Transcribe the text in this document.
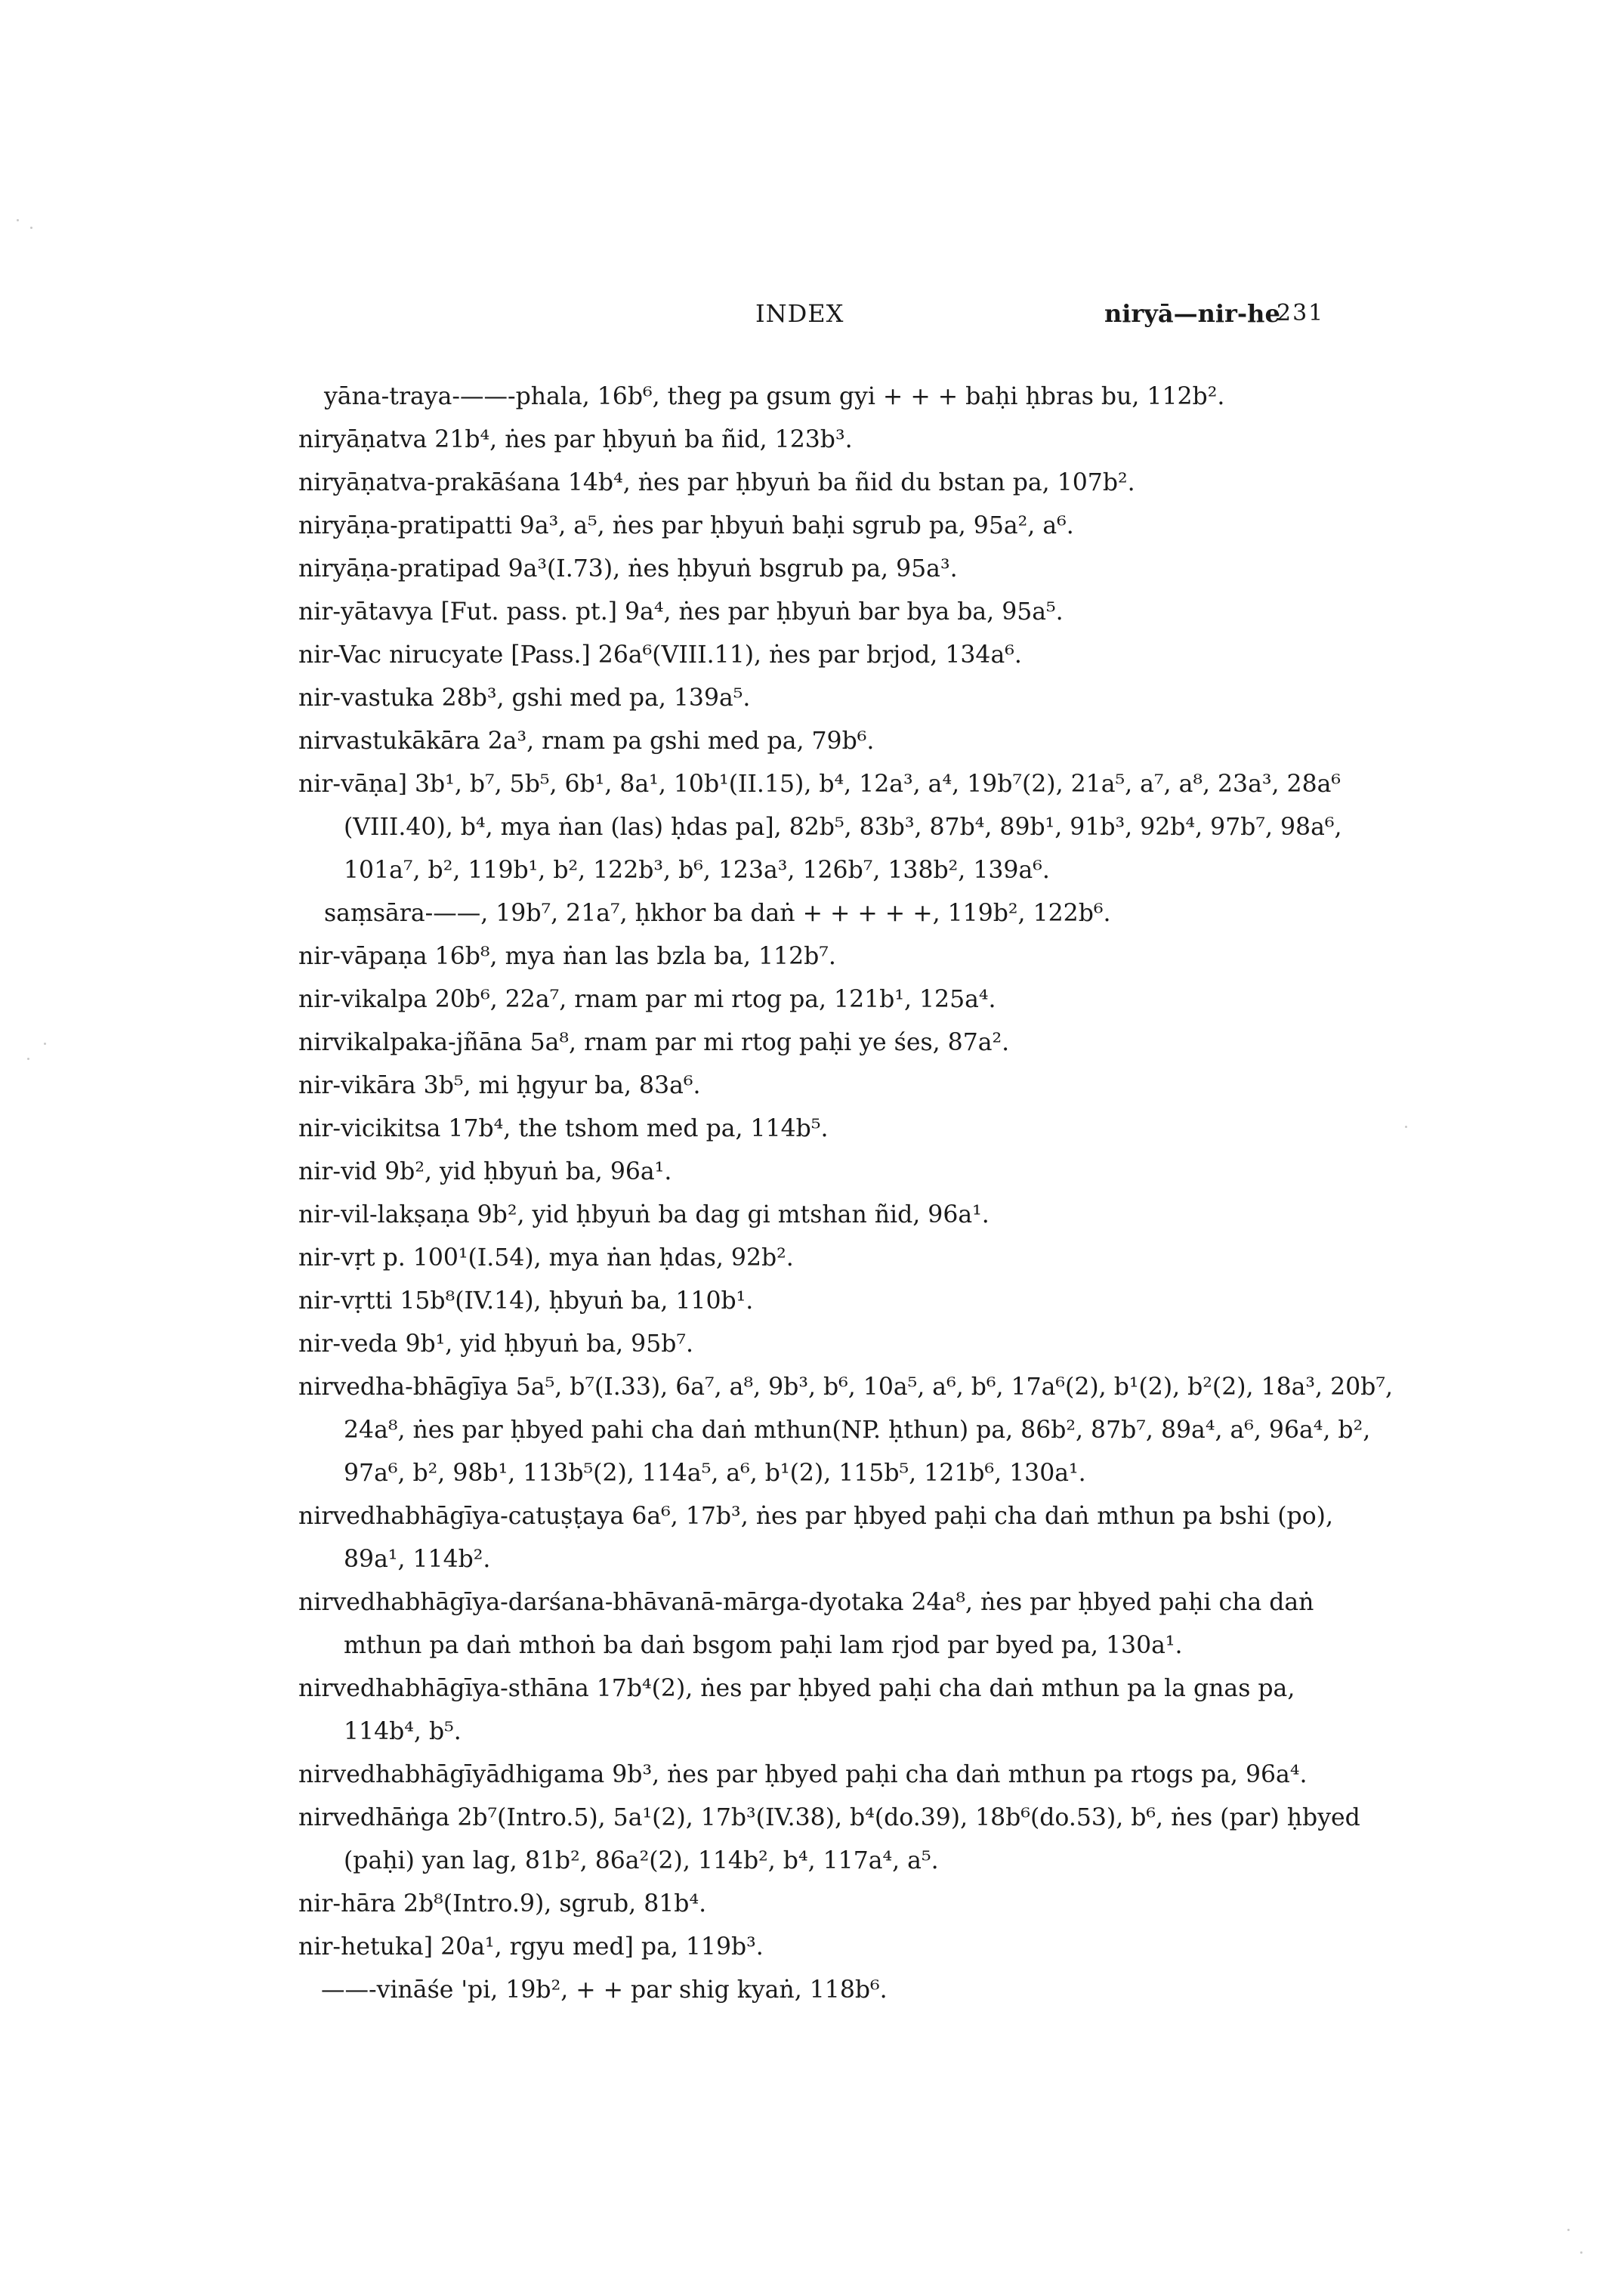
INDEX	niryā—nir-he
231
yāna-traya-——-phala, 16b⁶, theg pa gsum gyi + + + baḥi ḥbras bu, 112b².
niryāṇatva 21b⁴, ṅes par ḥbyuṅ ba ñid, 123b³.
niryāṇatva-prakāśana 14b⁴, ṅes par ḥbyuṅ ba ñid du bstan pa, 107b².
niryāṇa-pratipatti 9a³, a⁵, ṅes par ḥbyuṅ baḥi sgrub pa, 95a², a⁶.
niryāṇa-pratipad 9a³(I.73), ṅes ḥbyuṅ bsgrub pa, 95a³.
nir-yātavya [Fut. pass. pt.] 9a⁴, ṅes par ḥbyuṅ bar bya ba, 95a⁵.
nir-Vac nirucyate [Pass.] 26a⁶(VIII.11), ṅes par brjod, 134a⁶.
nir-vastuka 28b³, gshi med pa, 139a⁵.
nirvastukākāra 2a³, rnam pa gshi med pa, 79b⁶.
nir-vāṇa] 3b¹, b⁷, 5b⁵, 6b¹, 8a¹, 10b¹(II.15), b⁴, 12a³, a⁴, 19b⁷(2), 21a⁵, a⁷, a⁸, 23a³, 28a⁶
(VIII.40), b⁴, mya ṅan (las) ḥdas pa], 82b⁵, 83b³, 87b⁴, 89b¹, 91b³, 92b⁴, 97b⁷, 98a⁶,
101a⁷, b², 119b¹, b², 122b³, b⁶, 123a³, 126b⁷, 138b², 139a⁶.
saṃsāra-——, 19b⁷, 21a⁷, ḥkhor ba daṅ + + + + +, 119b², 122b⁶.
nir-vāpaṇa 16b⁸, mya ṅan las bzla ba, 112b⁷.
nir-vikalpa 20b⁶, 22a⁷, rnam par mi rtog pa, 121b¹, 125a⁴.
nirvikalpaka-jñāna 5a⁸, rnam par mi rtog paḥi ye śes, 87a².
nir-vikāra 3b⁵, mi ḥgyur ba, 83a⁶.
nir-vicikitsa 17b⁴, the tshom med pa, 114b⁵.
nir-vid 9b², yid ḥbyuṅ ba, 96a¹.
nir-vil-lakṣaṇa 9b², yid ḥbyuṅ ba dag gi mtshan ñid, 96a¹.
nir-vṛt p. 100¹(I.54), mya ṅan ḥdas, 92b².
nir-vṛtti 15b⁸(IV.14), ḥbyuṅ ba, 110b¹.
nir-veda 9b¹, yid ḥbyuṅ ba, 95b⁷.
nirvedha-bhāgīya 5a⁵, b⁷(I.33), 6a⁷, a⁸, 9b³, b⁶, 10a⁵, a⁶, b⁶, 17a⁶(2), b¹(2), b²(2), 18a³, 20b⁷,
24a⁸, ṅes par ḥbyed pahi cha daṅ mthun(NP. ḥthun) pa, 86b², 87b⁷, 89a⁴, a⁶, 96a⁴, b²,
97a⁶, b², 98b¹, 113b⁵(2), 114a⁵, a⁶, b¹(2), 115b⁵, 121b⁶, 130a¹.
nirvedhabhāgīya-catuṣṭaya 6a⁶, 17b³, ṅes par ḥbyed paḥi cha daṅ mthun pa bshi (po),
89a¹, 114b².
nirvedhabhāgīya-darśana-bhāvanā-mārga-dyotaka 24a⁸, ṅes par ḥbyed paḥi cha daṅ
mthun pa daṅ mthoṅ ba daṅ bsgom paḥi lam rjod par byed pa, 130a¹.
nirvedhabhāgīya-sthāna 17b⁴(2), ṅes par ḥbyed paḥi cha daṅ mthun pa la gnas pa,
114b⁴, b⁵.
nirvedhabhāgīyādhigama 9b³, ṅes par ḥbyed paḥi cha daṅ mthun pa rtogs pa, 96a⁴.
nirvedhāṅga 2b⁷(Intro.5), 5a¹(2), 17b³(IV.38), b⁴(do.39), 18b⁶(do.53), b⁶, ṅes (par) ḥbyed
(paḥi) yan lag, 81b², 86a²(2), 114b², b⁴, 117a⁴, a⁵.
nir-hāra 2b⁸(Intro.9), sgrub, 81b⁴.
nir-hetuka] 20a¹, rgyu med] pa, 119b³.
——-vināśe 'pi, 19b², + + par shig kyaṅ, 118b⁶.
